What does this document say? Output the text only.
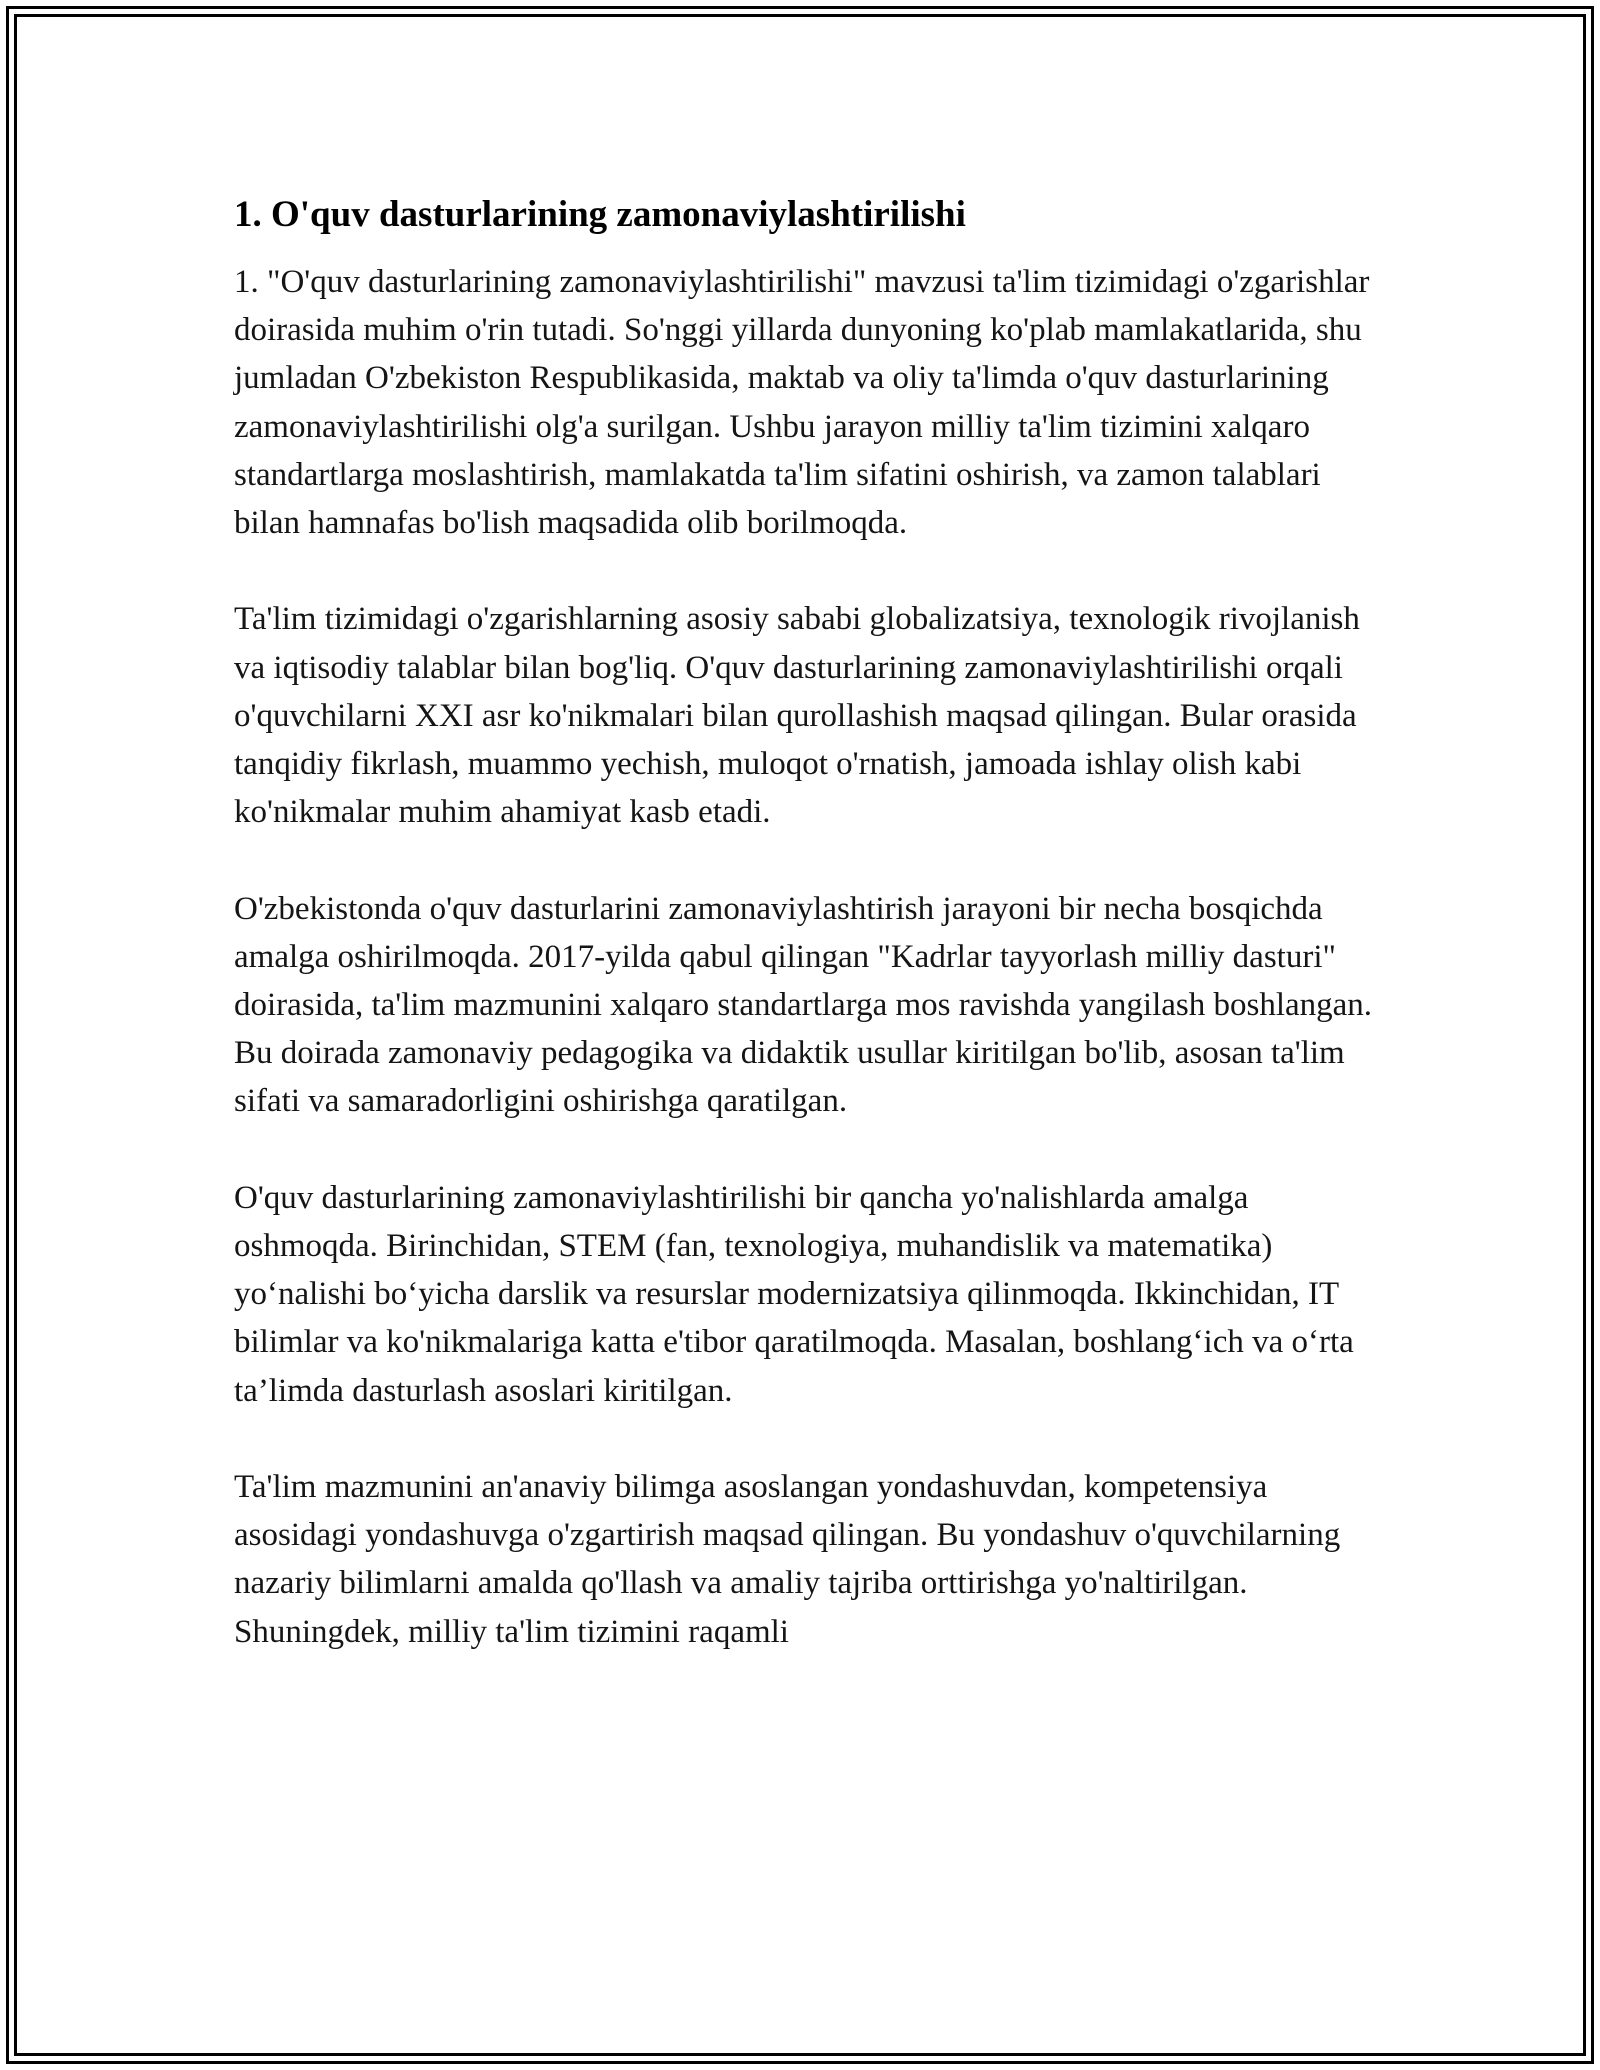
1. O'quv dasturlarining zamonaviylashtirilishi

1. "O'quv dasturlarining zamonaviylashtirilishi" mavzusi ta'lim tizimidagi o'zgarishlar doirasida muhim o'rin tutadi. So'nggi yillarda dunyoning ko'plab mamlakatlarida, shu jumladan O'zbekiston Respublikasida, maktab va oliy ta'limda o'quv dasturlarining zamonaviylashtirilishi olg'a surilgan. Ushbu jarayon milliy ta'lim tizimini xalqaro standartlarga moslashtirish, mamlakatda ta'lim sifatini oshirish, va zamon talablari bilan hamnafas bo'lish maqsadida olib borilmoqda.

Ta'lim tizimidagi o'zgarishlarning asosiy sababi globalizatsiya, texnologik rivojlanish va iqtisodiy talablar bilan bog'liq. O'quv dasturlarining zamonaviylashtirilishi orqali o'quvchilarni XXI asr ko'nikmalari bilan qurollashish maqsad qilingan. Bular orasida tanqidiy fikrlash, muammo yechish, muloqot o'rnatish, jamoada ishlay olish kabi ko'nikmalar muhim ahamiyat kasb etadi.

O'zbekistonda o'quv dasturlarini zamonaviylashtirish jarayoni bir necha bosqichda amalga oshirilmoqda. 2017-yilda qabul qilingan "Kadrlar tayyorlash milliy dasturi" doirasida, ta'lim mazmunini xalqaro standartlarga mos ravishda yangilash boshlangan. Bu doirada zamonaviy pedagogika va didaktik usullar kiritilgan bo'lib, asosan ta'lim sifati va samaradorligini oshirishga qaratilgan.

O'quv dasturlarining zamonaviylashtirilishi bir qancha yo'nalishlarda amalga oshmoqda. Birinchidan, STEM (fan, texnologiya, muhandislik va matematika) yo‘nalishi bo‘yicha darslik va resurslar modernizatsiya qilinmoqda. Ikkinchidan, IT bilimlar va ko'nikmalariga katta e'tibor qaratilmoqda. Masalan, boshlang‘ich va o‘rta ta’limda dasturlash asoslari kiritilgan.

Ta'lim mazmunini an'anaviy bilimga asoslangan yondashuvdan, kompetensiya asosidagi yondashuvga o'zgartirish maqsad qilingan. Bu yondashuv o'quvchilarning nazariy bilimlarni amalda qo'llash va amaliy tajriba orttirishga yo'naltirilgan. Shuningdek, milliy ta'lim tizimini raqamli
